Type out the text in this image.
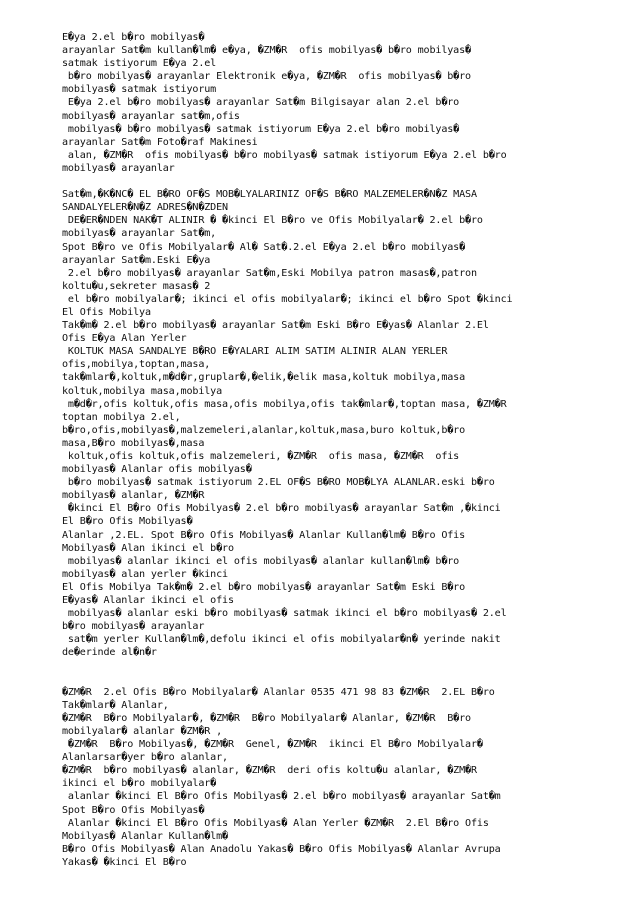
E�ya 2.el b�ro mobilyas�
arayanlar Sat�m kullan�lm� e�ya, �ZM�R  ofis mobilyas� b�ro mobilyas�
satmak istiyorum E�ya 2.el
b�ro mobilyas� arayanlar Elektronik e�ya, �ZM�R  ofis mobilyas� b�ro
mobilyas� satmak istiyorum
E�ya 2.el b�ro mobilyas� arayanlar Sat�m Bilgisayar alan 2.el b�ro
mobilyas� arayanlar sat�m,ofis
mobilyas� b�ro mobilyas� satmak istiyorum E�ya 2.el b�ro mobilyas�
arayanlar Sat�m Foto�raf Makinesi
alan, �ZM�R  ofis mobilyas� b�ro mobilyas� satmak istiyorum E�ya 2.el b�ro
mobilyas� arayanlar

Sat�m,�K�NC� EL B�RO OF�S MOB�LYALARINIZ OF�S B�RO MALZEMELER�N�Z MASA
SANDALYELER�N�Z ADRES�N�ZDEN
DE�ER�NDEN NAK�T ALINIR � �kinci El B�ro ve Ofis Mobilyalar� 2.el b�ro
mobilyas� arayanlar Sat�m,
Spot B�ro ve Ofis Mobilyalar� Al� Sat�.2.el E�ya 2.el b�ro mobilyas�
arayanlar Sat�m.Eski E�ya
2.el b�ro mobilyas� arayanlar Sat�m,Eski Mobilya patron masas�,patron
koltu�u,sekreter masas� 2
el b�ro mobilyalar�; ikinci el ofis mobilyalar�; ikinci el b�ro Spot �kinci
El Ofis Mobilya
Tak�m� 2.el b�ro mobilyas� arayanlar Sat�m Eski B�ro E�yas� Alanlar 2.El
Ofis E�ya Alan Yerler
KOLTUK MASA SANDALYE B�RO E�YALARI ALIM SATIM ALINIR ALAN YERLER
ofis,mobilya,toptan,masa,
tak�mlar�,koltuk,m�d�r,gruplar�,�elik,�elik masa,koltuk mobilya,masa
koltuk,mobilya masa,mobilya
m�d�r,ofis koltuk,ofis masa,ofis mobilya,ofis tak�mlar�,toptan masa, �ZM�R
toptan mobilya 2.el,
b�ro,ofis,mobilyas�,malzemeleri,alanlar,koltuk,masa,buro koltuk,b�ro
masa,B�ro mobilyas�,masa
koltuk,ofis koltuk,ofis malzemeleri, �ZM�R  ofis masa, �ZM�R  ofis
mobilyas� Alanlar ofis mobilyas�
b�ro mobilyas� satmak istiyorum 2.EL OF�S B�RO MOB�LYA ALANLAR.eski b�ro
mobilyas� alanlar, �ZM�R
�kinci El B�ro Ofis Mobilyas� 2.el b�ro mobilyas� arayanlar Sat�m ,�kinci
El B�ro Ofis Mobilyas�
Alanlar ,2.EL. Spot B�ro Ofis Mobilyas� Alanlar Kullan�lm� B�ro Ofis
Mobilyas� Alan ikinci el b�ro
mobilyas� alanlar ikinci el ofis mobilyas� alanlar kullan�lm� b�ro
mobilyas� alan yerler �kinci
El Ofis Mobilya Tak�m� 2.el b�ro mobilyas� arayanlar Sat�m Eski B�ro
E�yas� Alanlar ikinci el ofis
mobilyas� alanlar eski b�ro mobilyas� satmak ikinci el b�ro mobilyas� 2.el
b�ro mobilyas� arayanlar
sat�m yerler Kullan�lm�,defolu ikinci el ofis mobilyalar�n� yerinde nakit
de�erinde al�n�r

�ZM�R  2.el Ofis B�ro Mobilyalar� Alanlar 0535 471 98 83 �ZM�R  2.EL B�ro
Tak�mlar� Alanlar,
�ZM�R  B�ro Mobilyalar�, �ZM�R  B�ro Mobilyalar� Alanlar, �ZM�R  B�ro
mobilyalar� alanlar �ZM�R ,
�ZM�R  B�ro Mobilyas�, �ZM�R  Genel, �ZM�R  ikinci El B�ro Mobilyalar�
Alanlarsar�yer b�ro alanlar,
�ZM�R  b�ro mobilyas� alanlar, �ZM�R  deri ofis koltu�u alanlar, �ZM�R
ikinci el b�ro mobilyalar�
alanlar �kinci El B�ro Ofis Mobilyas� 2.el b�ro mobilyas� arayanlar Sat�m
Spot B�ro Ofis Mobilyas�
Alanlar �kinci El B�ro Ofis Mobilyas� Alan Yerler �ZM�R  2.El B�ro Ofis
Mobilyas� Alanlar Kullan�lm�
B�ro Ofis Mobilyas� Alan Anadolu Yakas� B�ro Ofis Mobilyas� Alanlar Avrupa
Yakas� �kinci El B�ro
